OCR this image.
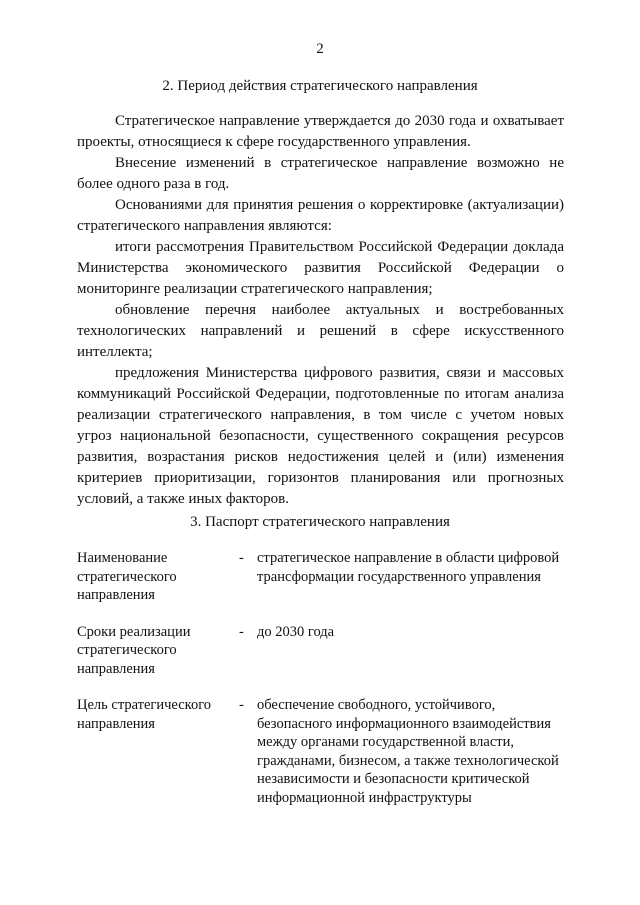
2
2. Период действия стратегического направления

Стратегическое направление утверждается до 2030 года и охватывает проекты, относящиеся к сфере государственного управления.

Внесение изменений в стратегическое направление возможно не более одного раза в год.

Основаниями для принятия решения о корректировке (актуализации) стратегического направления являются:

итоги рассмотрения Правительством Российской Федерации доклада Министерства экономического развития Российской Федерации о мониторинге реализации стратегического направления;

обновление перечня наиболее актуальных и востребованных технологических направлений и решений в сфере искусственного интеллекта;

предложения Министерства цифрового развития, связи и массовых коммуникаций Российской Федерации, подготовленные по итогам анализа реализации стратегического направления, в том числе с учетом новых угроз национальной безопасности, существенного сокращения ресурсов развития, возрастания рисков недостижения целей и (или) изменения критериев приоритизации, горизонтов планирования или прогнозных условий, а также иных факторов.

3. Паспорт стратегического направления
Наименование стратегического направления
- стратегическое направление в области цифровой трансформации государственного управления
Сроки реализации стратегического направления
- до 2030 года
Цель стратегического направления
- обеспечение свободного, устойчивого, безопасного информационного взаимодействия между органами государственной власти, гражданами, бизнесом, а также технологической независимости и безопасности критической информационной инфраструктуры
